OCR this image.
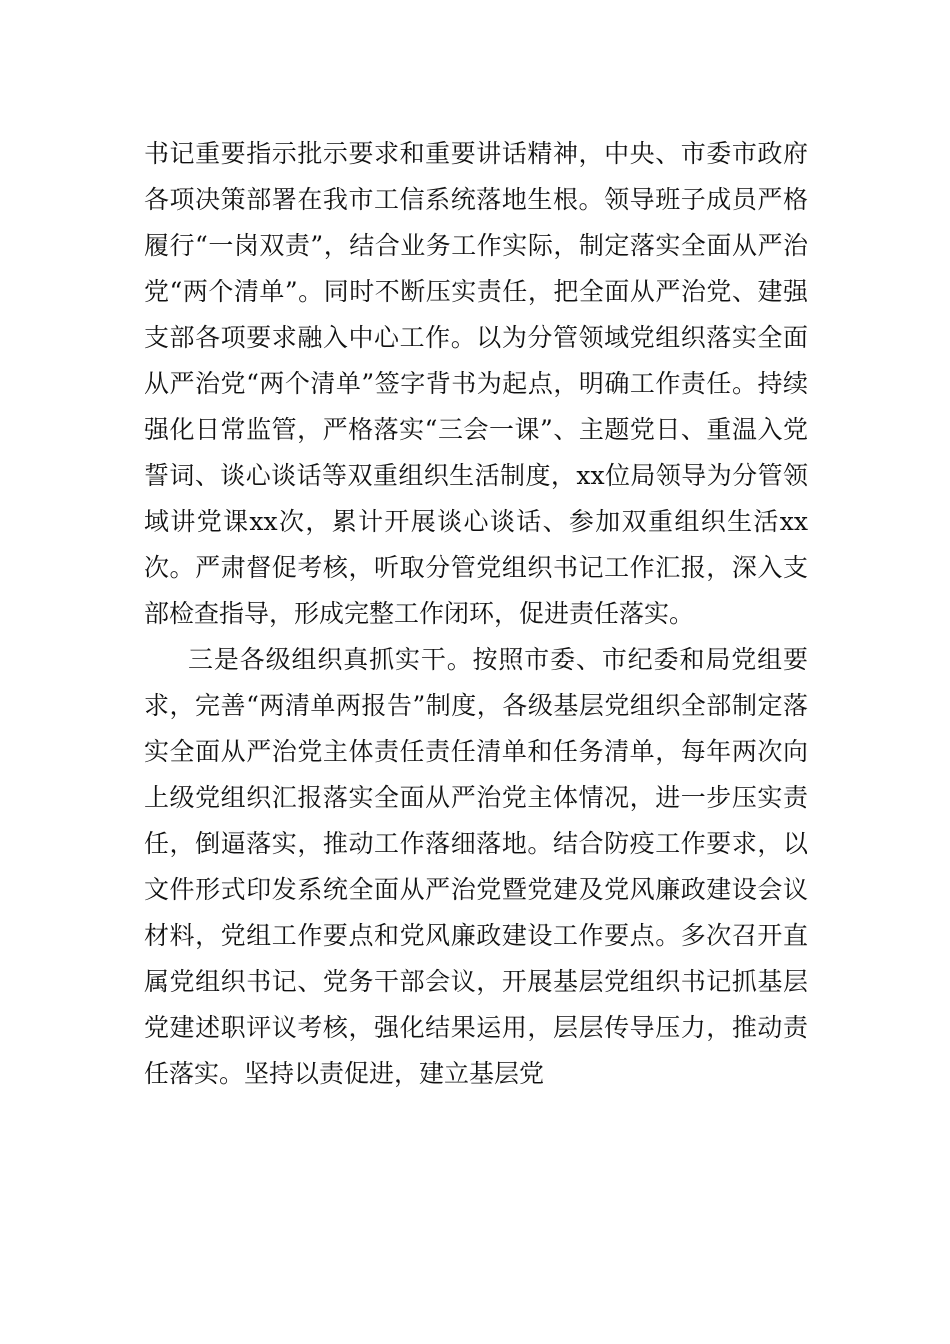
书记重要指示批示要求和重要讲话精神，中央、市委市政府各项决策部署在我市工信系统落地生根。领导班子成员严格履行“一岗双责”，结合业务工作实际，制定落实全面从严治党“两个清单”。同时不断压实责任，把全面从严治党、建强支部各项要求融入中心工作。以为分管领域党组织落实全面从严治党“两个清单”签字背书为起点，明确工作责任。持续强化日常监管，严格落实“三会一课”、主题党日、重温入党誓词、谈心谈话等双重组织生活制度，xx位局领导为分管领域讲党课xx次，累计开展谈心谈话、参加双重组织生活xx次。严肃督促考核，听取分管党组织书记工作汇报，深入支部检查指导，形成完整工作闭环，促进责任落实。

三是各级组织真抓实干。按照市委、市纪委和局党组要求，完善“两清单两报告”制度，各级基层党组织全部制定落实全面从严治党主体责任责任清单和任务清单，每年两次向上级党组织汇报落实全面从严治党主体情况，进一步压实责任，倒逼落实，推动工作落细落地。结合防疫工作要求，以文件形式印发系统全面从严治党暨党建及党风廉政建设会议材料，党组工作要点和党风廉政建设工作要点。多次召开直属党组织书记、党务干部会议，开展基层党组织书记抓基层党建述职评议考核，强化结果运用，层层传导压力，推动责任落实。坚持以责促进，建立基层党
